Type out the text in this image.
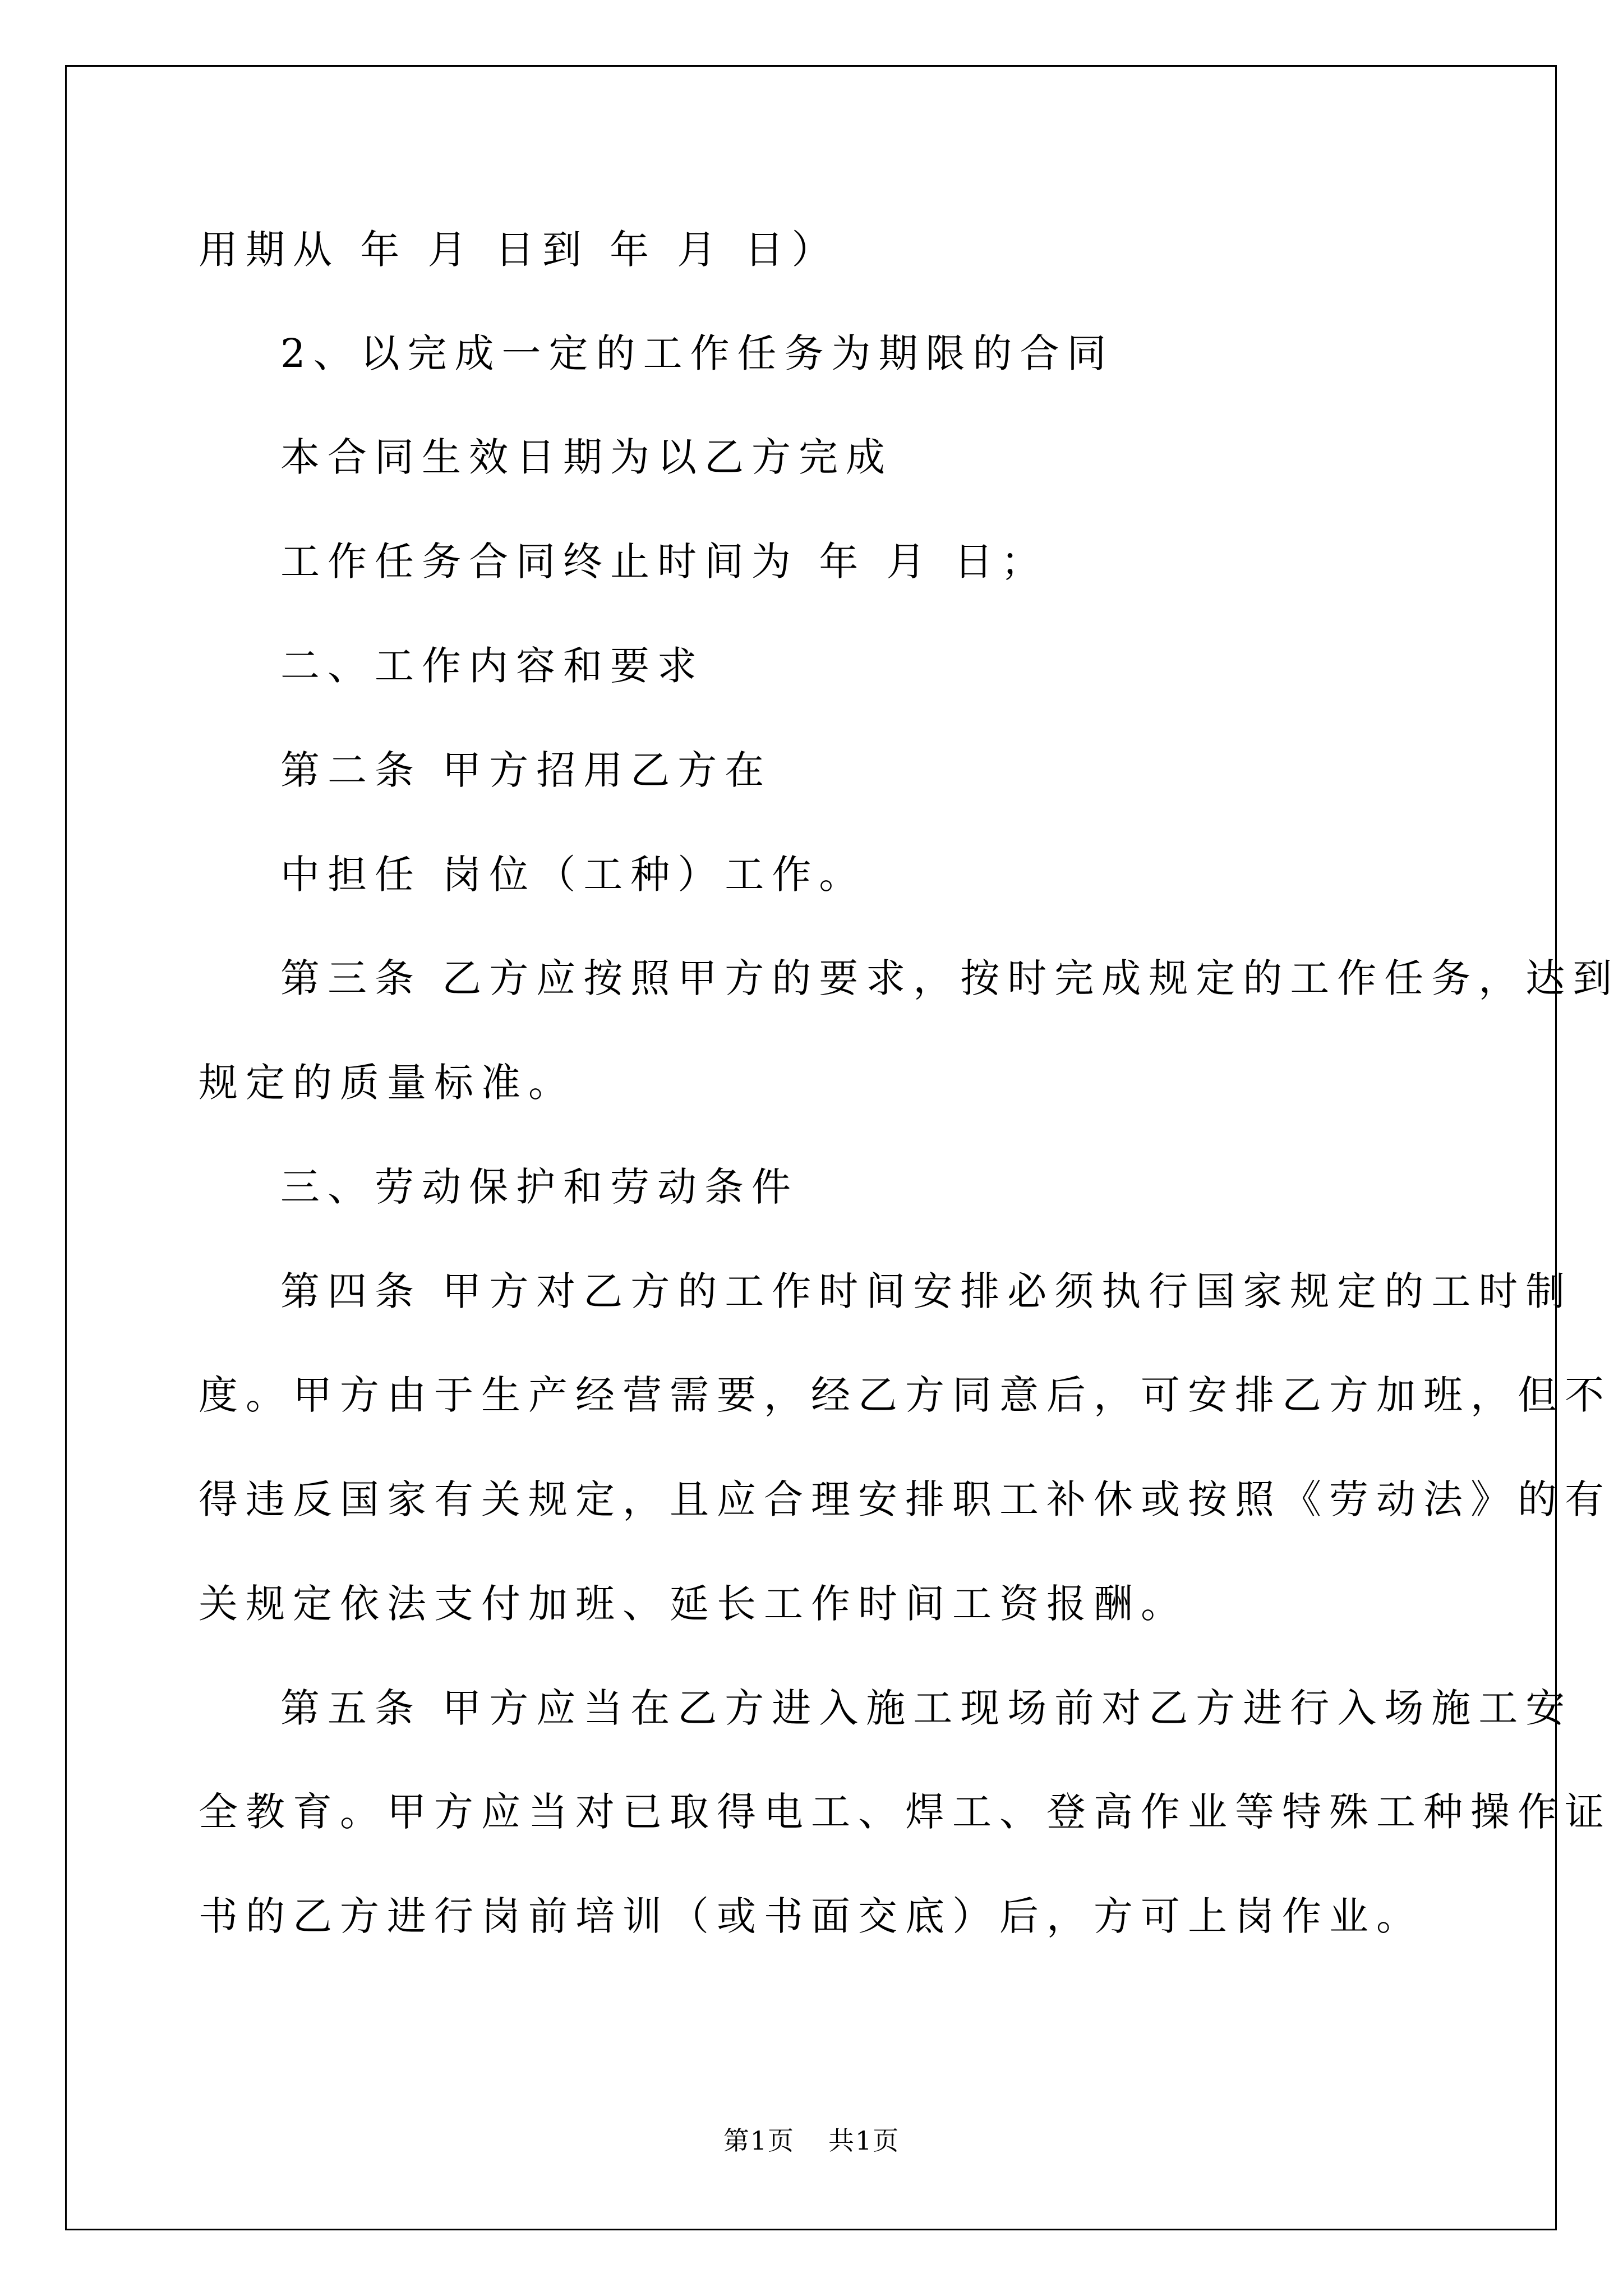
用期从 年 月 日到 年 月 日）
2、以完成一定的工作任务为期限的合同
本合同生效日期为以乙方完成
工作任务合同终止时间为 年 月 日；
二、工作内容和要求
第二条 甲方招用乙方在
中担任 岗位（工种）工作。
第三条 乙方应按照甲方的要求，按时完成规定的工作任务，达到
规定的质量标准。
三、劳动保护和劳动条件
第四条 甲方对乙方的工作时间安排必须执行国家规定的工时制
度。甲方由于生产经营需要，经乙方同意后，可安排乙方加班，但不
得违反国家有关规定，且应合理安排职工补休或按照《劳动法》的有
关规定依法支付加班、延长工作时间工资报酬。
第五条 甲方应当在乙方进入施工现场前对乙方进行入场施工安
全教育。甲方应当对已取得电工、焊工、登高作业等特殊工种操作证
书的乙方进行岗前培训（或书面交底）后，方可上岗作业。
第1页 共1页
